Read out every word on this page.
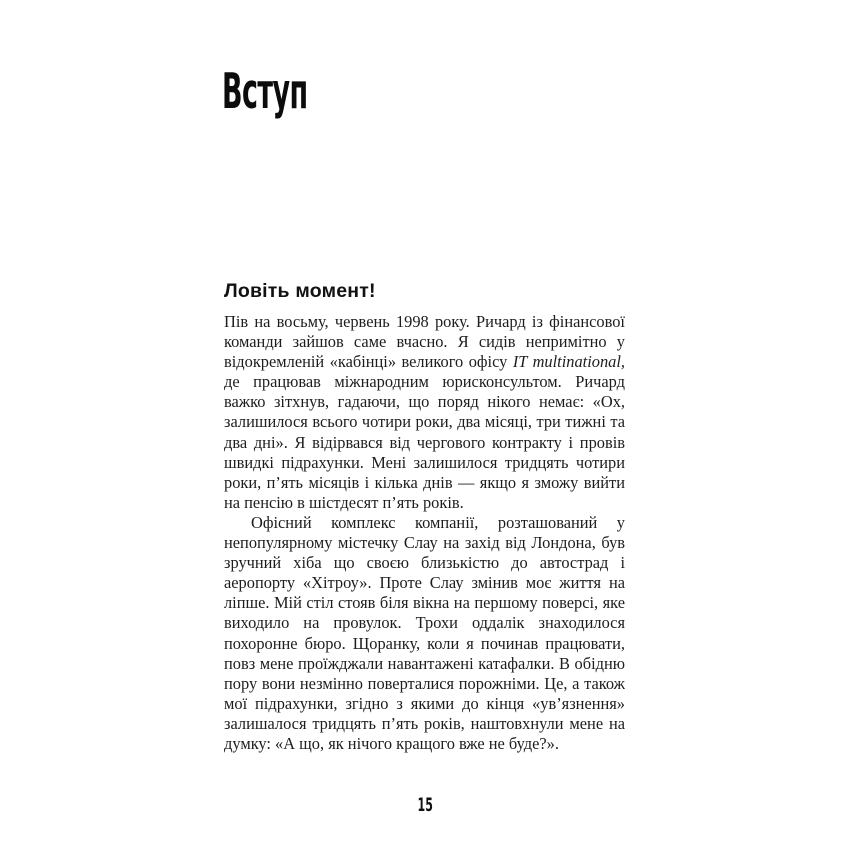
Вступ
Ловіть момент!

Пів на восьму, червень 1998 року. Ричард із фінансової команди зайшов саме вчасно. Я сидів непримітно у відокремленій «кабінці» великого офісу IT multinational, де працював міжнародним юрисконсультом. Ричард важко зітхнув, гадаючи, що поряд нікого немає: «Ох, залишилося всього чотири роки, два місяці, три тижні та два дні». Я відірвався від чергового контракту і провів швидкі підрахунки. Мені залишилося тридцять чотири роки, п’ять місяців і кілька днів — якщо я зможу вийти на пенсію в шістдесят п’ять років.

Офісний комплекс компанії, розташований у непопулярному містечку Слау на захід від Лондона, був зручний хіба що своєю близькістю до автострад і аеропорту «Хітроу». Проте Слау змінив моє життя на ліпше. Мій стіл стояв біля вікна на першому поверсі, яке виходило на провулок. Трохи оддалік знаходилося похоронне бюро. Щоранку, коли я починав працювати, повз мене проїжджали навантажені катафалки. В обідню пору вони незмінно поверталися порожніми. Це, а також мої підрахунки, згідно з якими до кінця «ув’язнення» залишалося тридцять п’ять років, наштовхнули мене на думку: «А що, як нічого кращого вже не буде?».

15
